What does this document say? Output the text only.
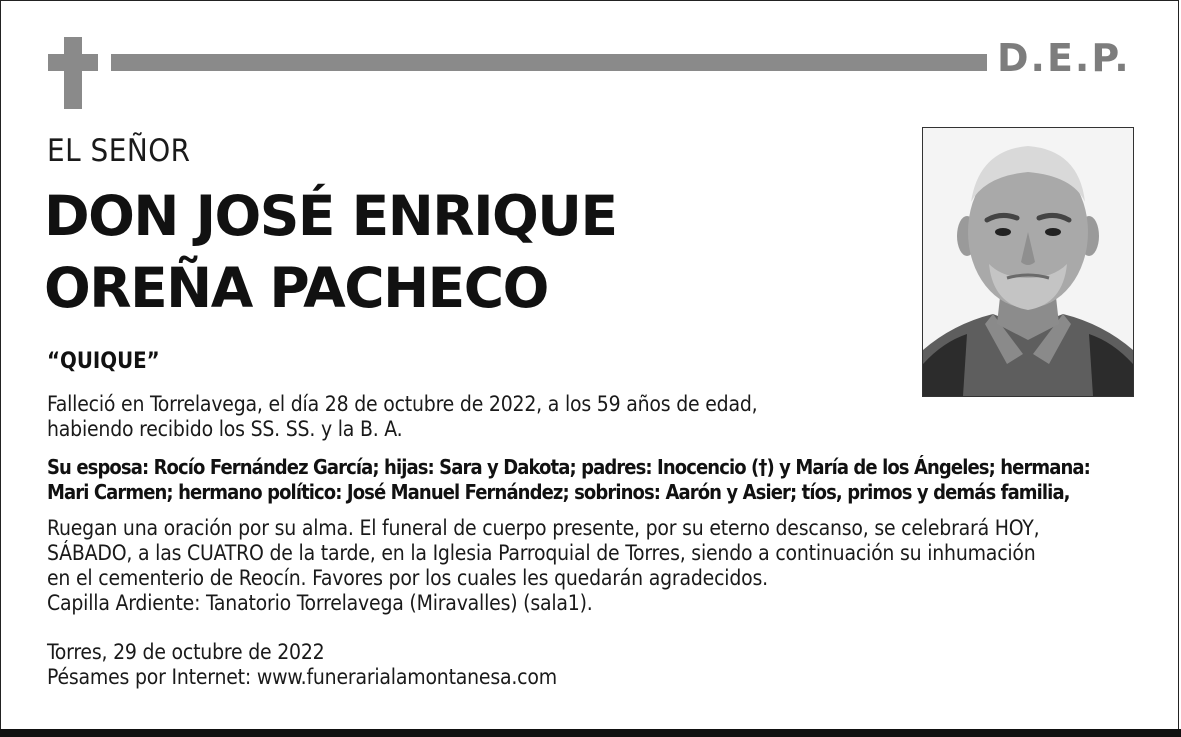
D.E.P.
EL SEÑOR
DON JOSÉ ENRIQUE
OREÑA PACHECO
“QUIQUE”
Falleció en Torrelavega, el día 28 de octubre de 2022, a los 59 años de edad,
habiendo recibido los SS. SS. y la B. A.
Su esposa: Rocío Fernández García; hijas: Sara y Dakota; padres: Inocencio (†) y María de los Ángeles; hermana:
Mari Carmen; hermano político: José Manuel Fernández; sobrinos: Aarón y Asier; tíos, primos y demás familia,
Ruegan una oración por su alma. El funeral de cuerpo presente, por su eterno descanso, se celebrará HOY,
SÁBADO, a las CUATRO de la tarde, en la Iglesia Parroquial de Torres, siendo a continuación su inhumación
en el cementerio de Reocín. Favores por los cuales les quedarán agradecidos.
Capilla Ardiente: Tanatorio Torrelavega (Miravalles) (sala1).
Torres, 29 de octubre de 2022
Pésames por Internet: www.funerarialamontanesa.com
